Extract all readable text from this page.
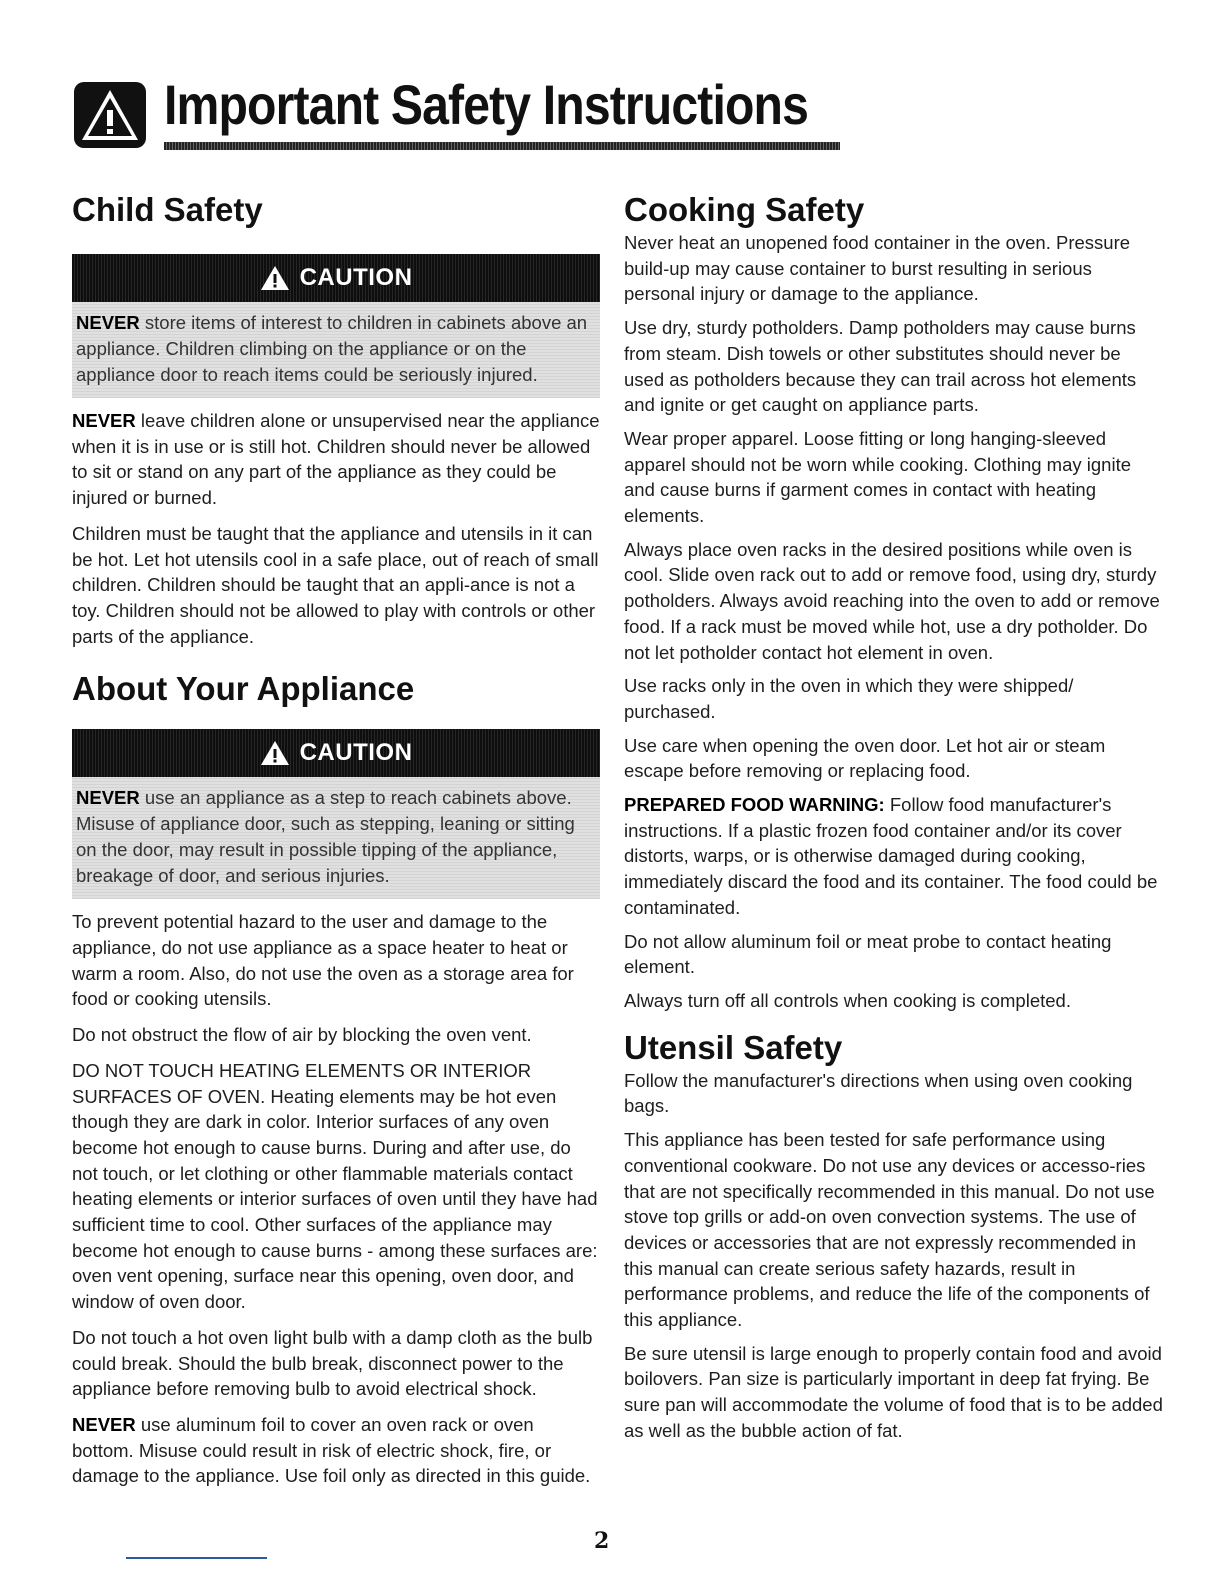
Important Safety Instructions
Child Safety
CAUTION
NEVER store items of interest to children in cabinets above an appliance. Children climbing on the appliance or on the appliance door to reach items could be seriously injured.

NEVER leave children alone or unsupervised near the appliance when it is in use or is still hot. Children should never be allowed to sit or stand on any part of the appliance as they could be injured or burned.

Children must be taught that the appliance and utensils in it can be hot. Let hot utensils cool in a safe place, out of reach of small children. Children should be taught that an appli-ance is not a toy. Children should not be allowed to play with controls or other parts of the appliance.

About Your Appliance
CAUTION
NEVER use an appliance as a step to reach cabinets above. Misuse of appliance door, such as stepping, leaning or sitting on the door, may result in possible tipping of the appliance, breakage of door, and serious injuries.

To prevent potential hazard to the user and damage to the appliance, do not use appliance as a space heater to heat or warm a room. Also, do not use the oven as a storage area for food or cooking utensils.

Do not obstruct the flow of air by blocking the oven vent.

DO NOT TOUCH HEATING ELEMENTS OR INTERIOR SURFACES OF OVEN. Heating elements may be hot even though they are dark in color. Interior surfaces of any oven become hot enough to cause burns. During and after use, do not touch, or let clothing or other flammable materials contact heating elements or interior surfaces of oven until they have had sufficient time to cool. Other surfaces of the appliance may become hot enough to cause burns - among these surfaces are: oven vent opening, surface near this opening, oven door, and window of oven door.

Do not touch a hot oven light bulb with a damp cloth as the bulb could break. Should the bulb break, disconnect power to the appliance before removing bulb to avoid electrical shock.

NEVER use aluminum foil to cover an oven rack or oven bottom. Misuse could result in risk of electric shock, fire, or damage to the appliance. Use foil only as directed in this guide.

Cooking Safety

Never heat an unopened food container in the oven. Pressure build-up may cause container to burst resulting in serious personal injury or damage to the appliance.

Use dry, sturdy potholders. Damp potholders may cause burns from steam. Dish towels or other substitutes should never be used as potholders because they can trail across hot elements and ignite or get caught on appliance parts.

Wear proper apparel. Loose fitting or long hanging-sleeved apparel should not be worn while cooking. Clothing may ignite and cause burns if garment comes in contact with heating elements.

Always place oven racks in the desired positions while oven is cool. Slide oven rack out to add or remove food, using dry, sturdy potholders. Always avoid reaching into the oven to add or remove food. If a rack must be moved while hot, use a dry potholder. Do not let potholder contact hot element in oven.

Use racks only in the oven in which they were shipped/ purchased.

Use care when opening the oven door. Let hot air or steam escape before removing or replacing food.

PREPARED FOOD WARNING: Follow food manufacturer's instructions. If a plastic frozen food container and/or its cover distorts, warps, or is otherwise damaged during cooking, immediately discard the food and its container. The food could be contaminated.

Do not allow aluminum foil or meat probe to contact heating element.

Always turn off all controls when cooking is completed.

Utensil Safety

Follow the manufacturer's directions when using oven cooking bags.

This appliance has been tested for safe performance using conventional cookware. Do not use any devices or accesso-ries that are not specifically recommended in this manual. Do not use stove top grills or add-on oven convection systems. The use of devices or accessories that are not expressly recommended in this manual can create serious safety hazards, result in performance problems, and reduce the life of the components of this appliance.

Be sure utensil is large enough to properly contain food and avoid boilovers. Pan size is particularly important in deep fat frying. Be sure pan will accommodate the volume of food that is to be added as well as the bubble action of fat.

2
